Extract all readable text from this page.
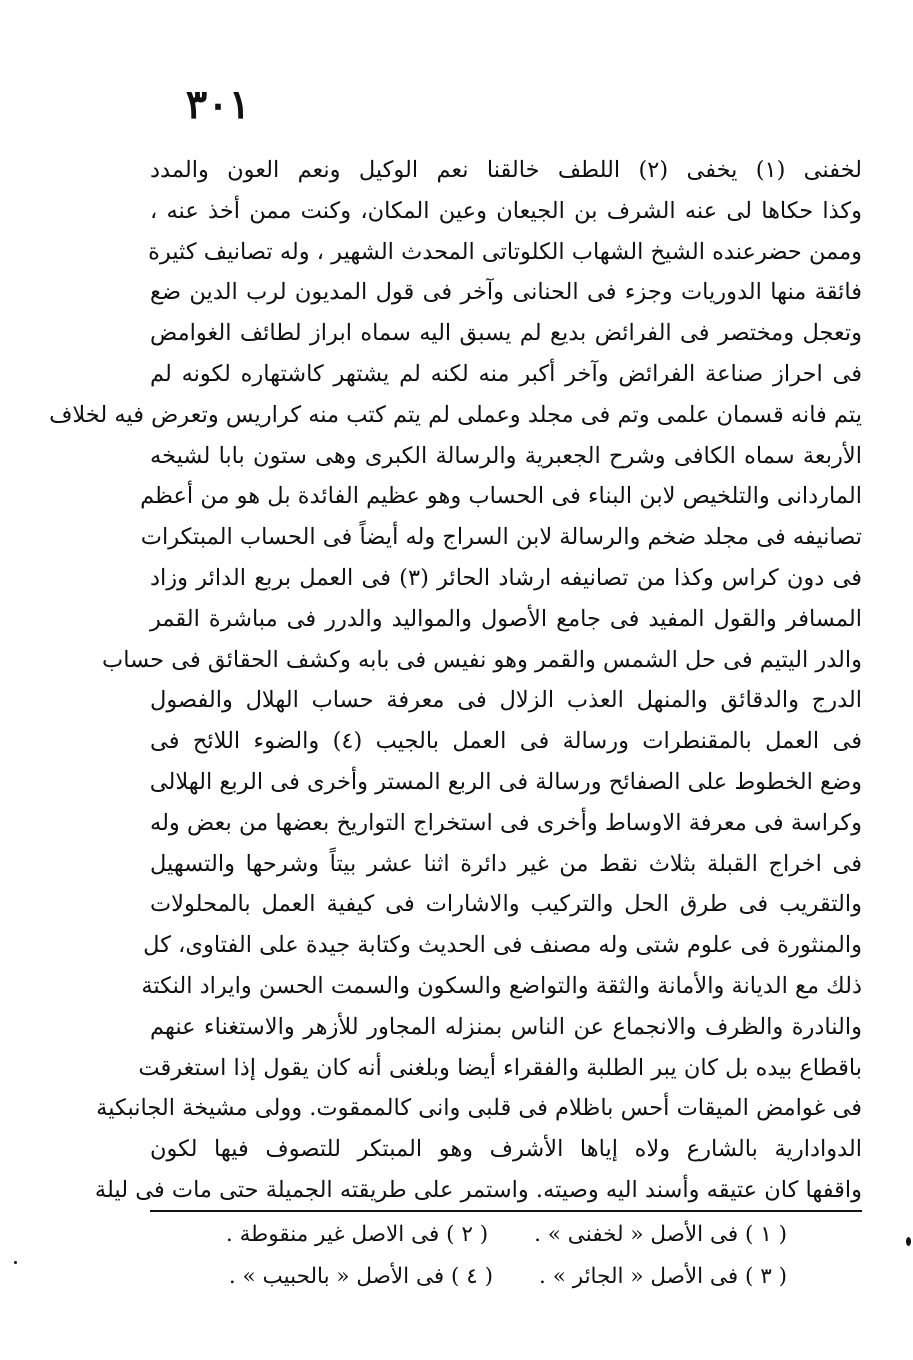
٣٠١
لخفنى (١) يخفى (٢) اللطف خالقنا نعم الوكيل ونعم العون والمدد
وكذا حكاها لى عنه الشرف بن الجيعان وعين المكان، وكنت ممن أخذ عنه ،
وممن حضرعنده الشيخ الشهاب الكلوتاتى المحدث الشهير ، وله تصانيف كثيرة
فائقة منها الدوريات وجزء فى الحنانى وآخر فى قول المديون لرب الدين ضع
وتعجل ومختصر فى الفرائض بديع لم يسبق اليه سماه ابراز لطائف الغوامض
فى احراز صناعة الفرائض وآخر أكبر منه لكنه لم يشتهر كاشتهاره لكونه لم
يتم فانه قسمان علمى وتم فى مجلد وعملى لم يتم كتب منه كراريس وتعرض فيه لخلاف
الأربعة سماه الكافى وشرح الجعبرية والرسالة الكبرى وهى ستون بابا لشيخه
الماردانى والتلخيص لابن البناء فى الحساب وهو عظيم الفائدة بل هو من أعظم
تصانيفه فى مجلد ضخم والرسالة لابن السراج وله أيضاً فى الحساب المبتكرات
فى دون كراس وكذا من تصانيفه ارشاد الحائر (٣) فى العمل بربع الدائر وزاد
المسافر والقول المفيد فى جامع الأصول والمواليد والدرر فى مباشرة القمر
والدر اليتيم فى حل الشمس والقمر وهو نفيس فى بابه وكشف الحقائق فى حساب
الدرج والدقائق والمنهل العذب الزلال فى معرفة حساب الهلال والفصول
فى العمل بالمقنطرات ورسالة فى العمل بالجيب (٤) والضوء اللائح فى
وضع الخطوط على الصفائح ورسالة فى الربع المستر وأخرى فى الربع الهلالى
وكراسة فى معرفة الاوساط وأخرى فى استخراج التواريخ بعضها من بعض وله
فى اخراج القبلة بثلاث نقط من غير دائرة اثنا عشر بيتاً وشرحها والتسهيل
والتقريب فى طرق الحل والتركيب والاشارات فى كيفية العمل بالمحلولات
والمنثورة فى علوم شتى وله مصنف فى الحديث وكتابة جيدة على الفتاوى، كل
ذلك مع الديانة والأمانة والثقة والتواضع والسكون والسمت الحسن وايراد النكتة
والنادرة والظرف والانجماع عن الناس بمنزله المجاور للأزهر والاستغناء عنهم
باقطاع بيده بل كان يبر الطلبة والفقراء أيضا وبلغنى أنه كان يقول إذا استغرقت
فى غوامض الميقات أحس باظلام فى قلبى وانى كالممقوت. وولى مشيخة الجانبكية
الدوادارية بالشارع ولاه إياها الأشرف وهو المبتكر للتصوف فيها لكون
واقفها كان عتيقه وأسند اليه وصيته. واستمر على طريقته الجميلة حتى مات فى ليلة
( ١ ) فى الأصل « لخفنى » .( ٢ ) فى الاصل غير منقوطة .
( ٣ ) فى الأصل « الجائر » .( ٤ ) فى الأصل « بالحبيب » .
